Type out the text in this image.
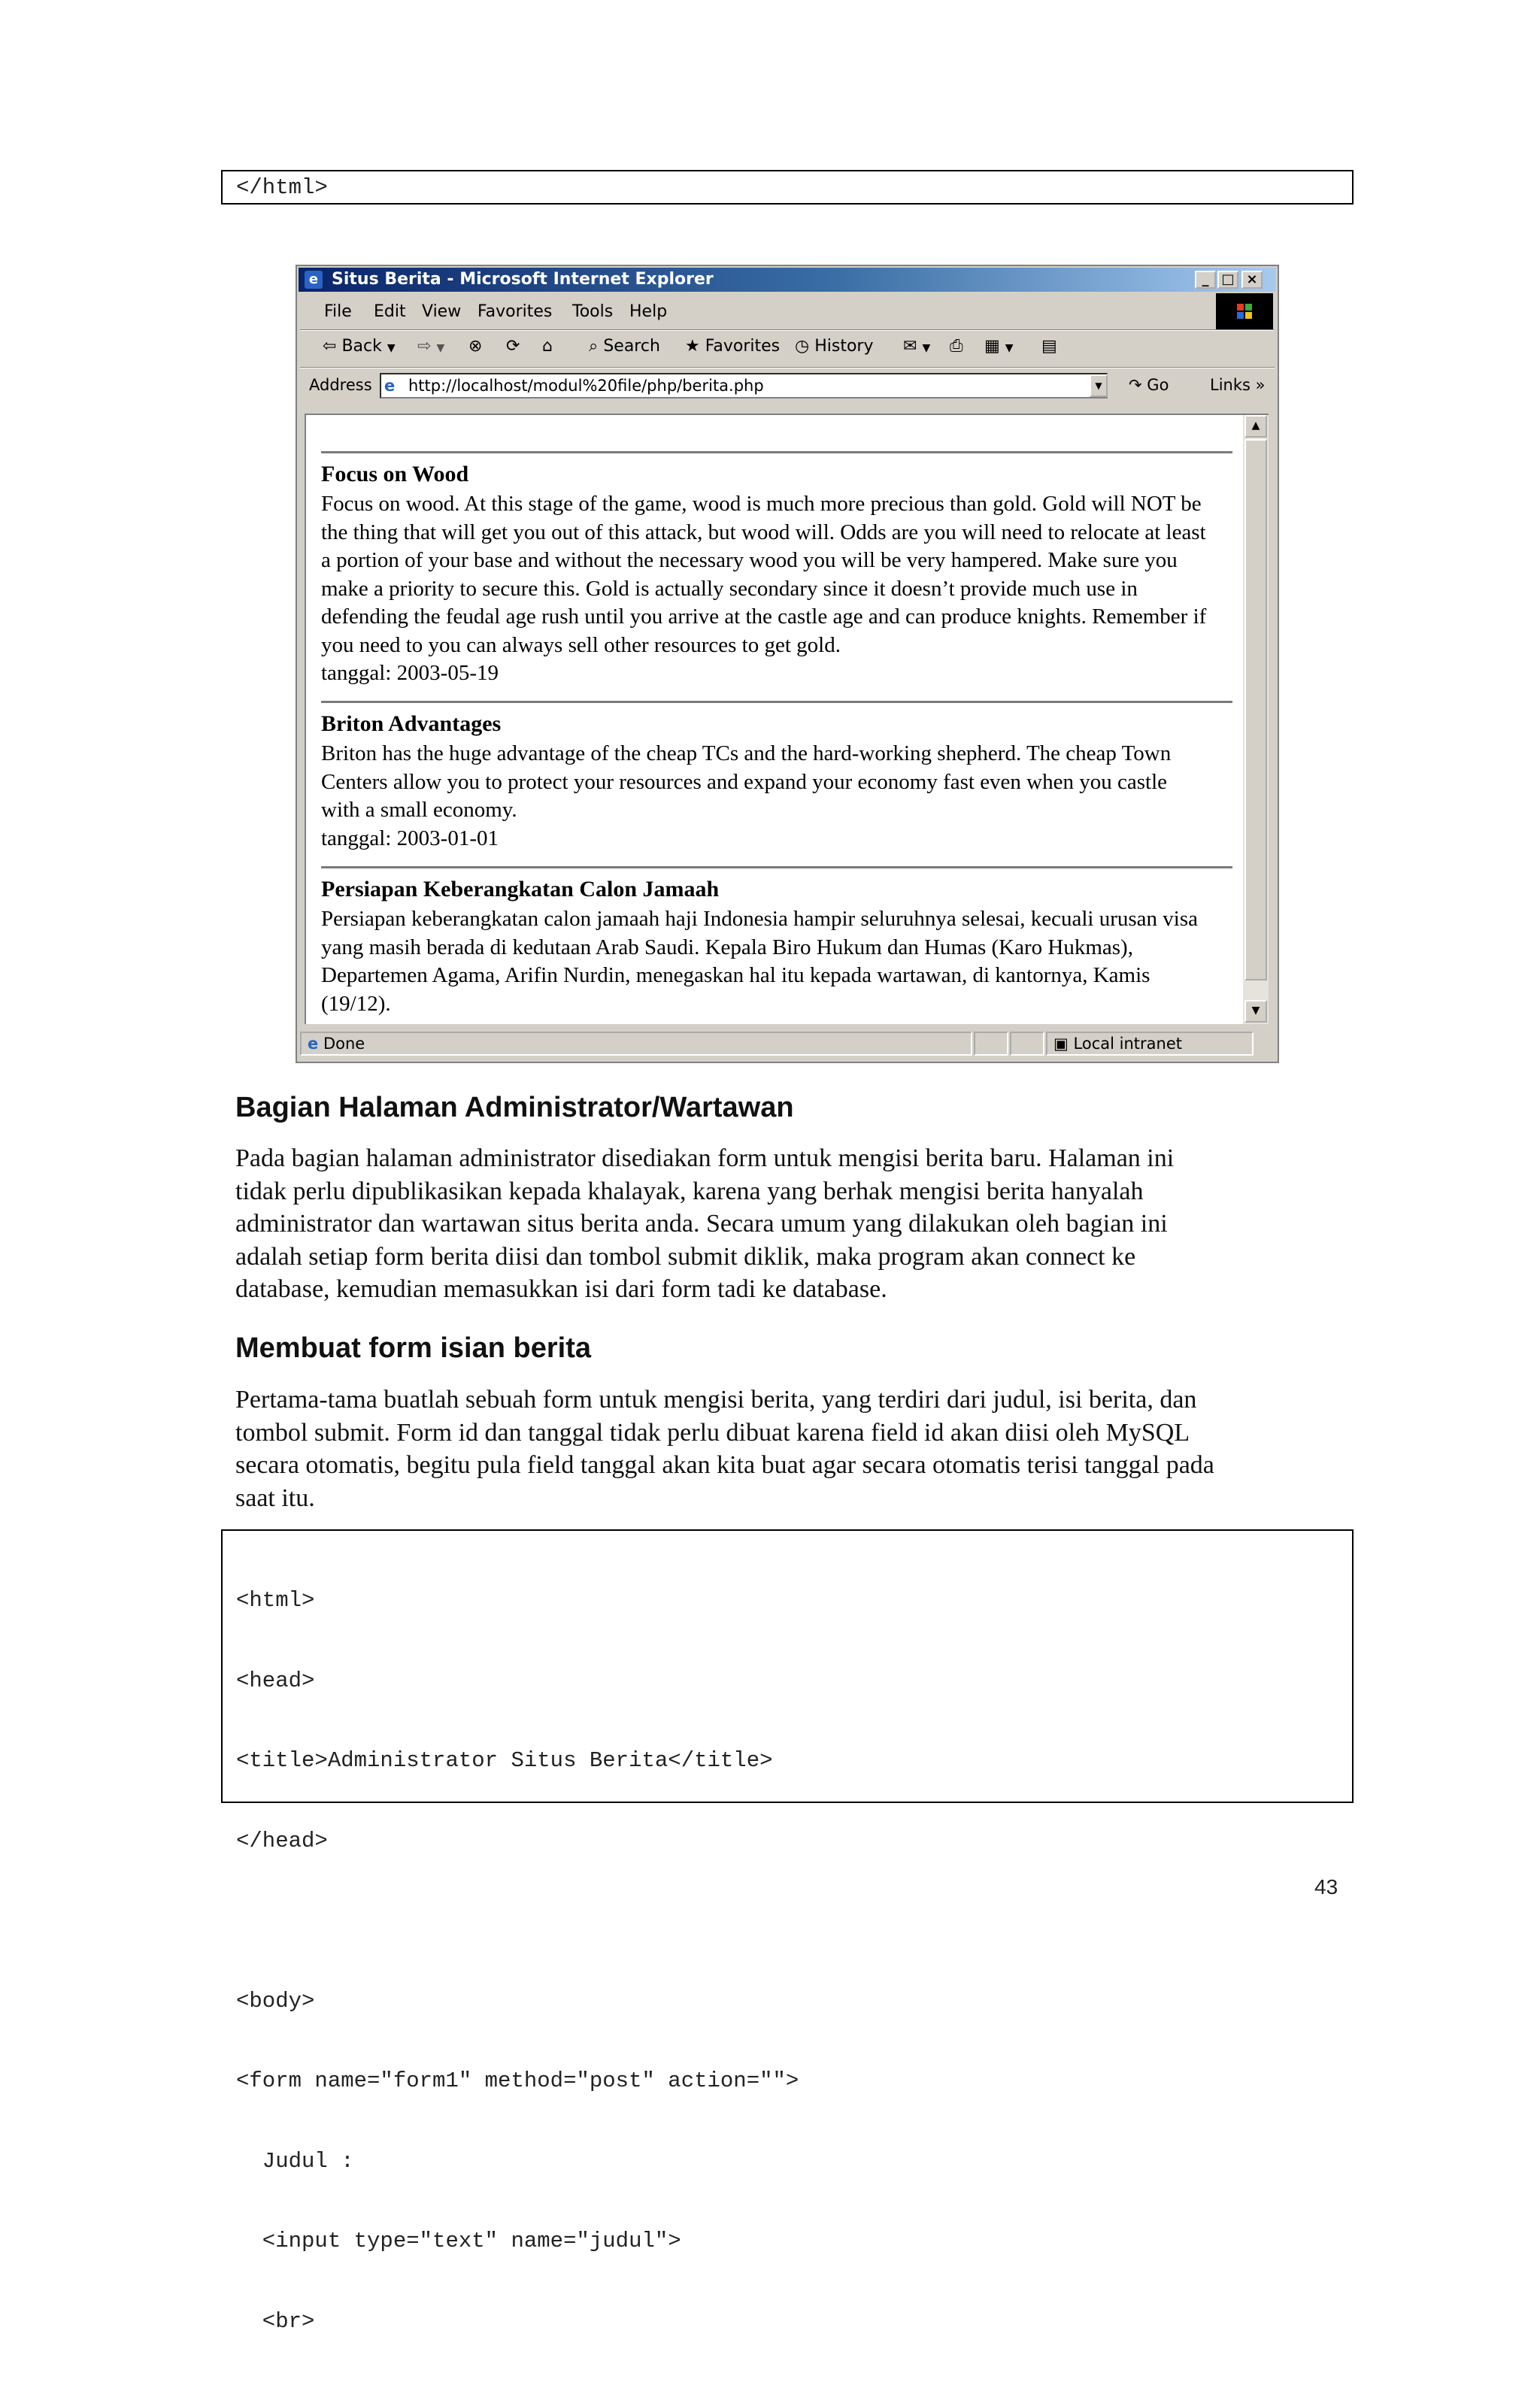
</html>
e Situs Berita - Microsoft Internet Explorer	_ □ ×
File Edit View Favorites Tools Help
⇦ Back ▼ ⇨ ▼ ⊗ ⟳ ⌂ ⌕ Search ★ Favorites ◷ History ✉ ▼ ⎙ ▦ ▼ ▤
Address e http://localhost/modul%20file/php/berita.php	▼	↷ Go	Links »
Focus on Wood
Focus on wood. At this stage of the game, wood is much more precious than gold. Gold will NOT be
the thing that will get you out of this attack, but wood will. Odds are you will need to relocate at least
a portion of your base and without the necessary wood you will be very hampered. Make sure you
make a priority to secure this. Gold is actually secondary since it doesn’t provide much use in
defending the feudal age rush until you arrive at the castle age and can produce knights. Remember if
you need to you can always sell other resources to get gold.
tanggal: 2003-05-19
Briton Advantages
Briton has the huge advantage of the cheap TCs and the hard-working shepherd. The cheap Town
Centers allow you to protect your resources and expand your economy fast even when you castle
with a small economy.
tanggal: 2003-01-01
Persiapan Keberangkatan Calon Jamaah
Persiapan keberangkatan calon jamaah haji Indonesia hampir seluruhnya selesai, kecuali urusan visa
yang masih berada di kedutaan Arab Saudi. Kepala Biro Hukum dan Humas (Karo Hukmas),
Departemen Agama, Arifin Nurdin, menegaskan hal itu kepada wartawan, di kantornya, Kamis
(19/12).
▲
▼
e Done	▣ Local intranet
Bagian Halaman Administrator/Wartawan
Pada bagian halaman administrator disediakan form untuk mengisi berita baru. Halaman ini
tidak perlu dipublikasikan kepada khalayak, karena yang berhak mengisi berita hanyalah
administrator dan wartawan situs berita anda. Secara umum yang dilakukan oleh bagian ini
adalah setiap form berita diisi dan tombol submit diklik, maka program akan connect ke
database, kemudian memasukkan isi dari form tadi ke database.
Membuat form isian berita
Pertama-tama buatlah sebuah form untuk mengisi berita, yang terdiri dari judul, isi berita, dan
tombol submit. Form id dan tanggal tidak perlu dibuat karena field id akan diisi oleh MySQL
secara otomatis, begitu pula field tanggal akan kita buat agar secara otomatis terisi tanggal pada
saat itu.

<html>

<head>

<title>Administrator Situs Berita</title>

</head>

<body>

<form name="form1" method="post" action="">

Judul :

<input type="text" name="judul">

<br>

43
